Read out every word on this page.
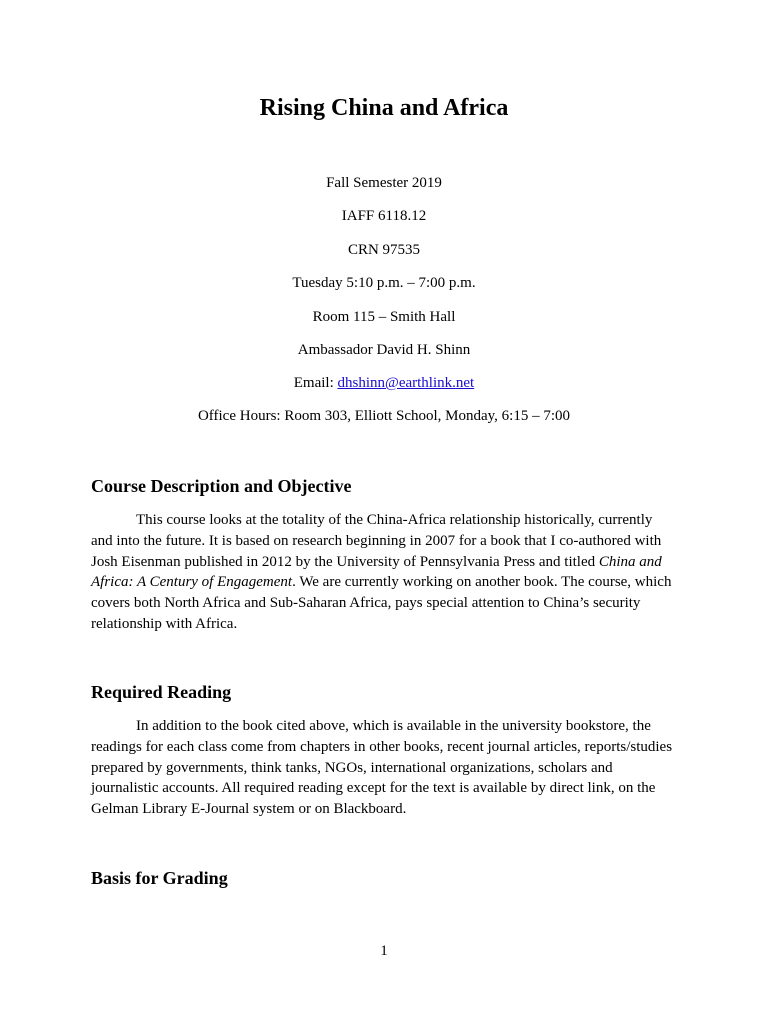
Rising China and Africa

Fall Semester 2019

IAFF 6118.12

CRN 97535

Tuesday 5:10 p.m. – 7:00 p.m.

Room 115 – Smith Hall

Ambassador David H. Shinn

Email: dhshinn@earthlink.net

Office Hours: Room 303, Elliott School, Monday, 6:15 – 7:00

Course Description and Objective

This course looks at the totality of the China-Africa relationship historically, currently and into the future. It is based on research beginning in 2007 for a book that I co-authored with Josh Eisenman published in 2012 by the University of Pennsylvania Press and titled China and Africa: A Century of Engagement. We are currently working on another book. The course, which covers both North Africa and Sub-Saharan Africa, pays special attention to China’s security relationship with Africa.

Required Reading

In addition to the book cited above, which is available in the university bookstore, the readings for each class come from chapters in other books, recent journal articles, reports/studies prepared by governments, think tanks, NGOs, international organizations, scholars and journalistic accounts. All required reading except for the text is available by direct link, on the Gelman Library E-Journal system or on Blackboard.

Basis for Grading

1
